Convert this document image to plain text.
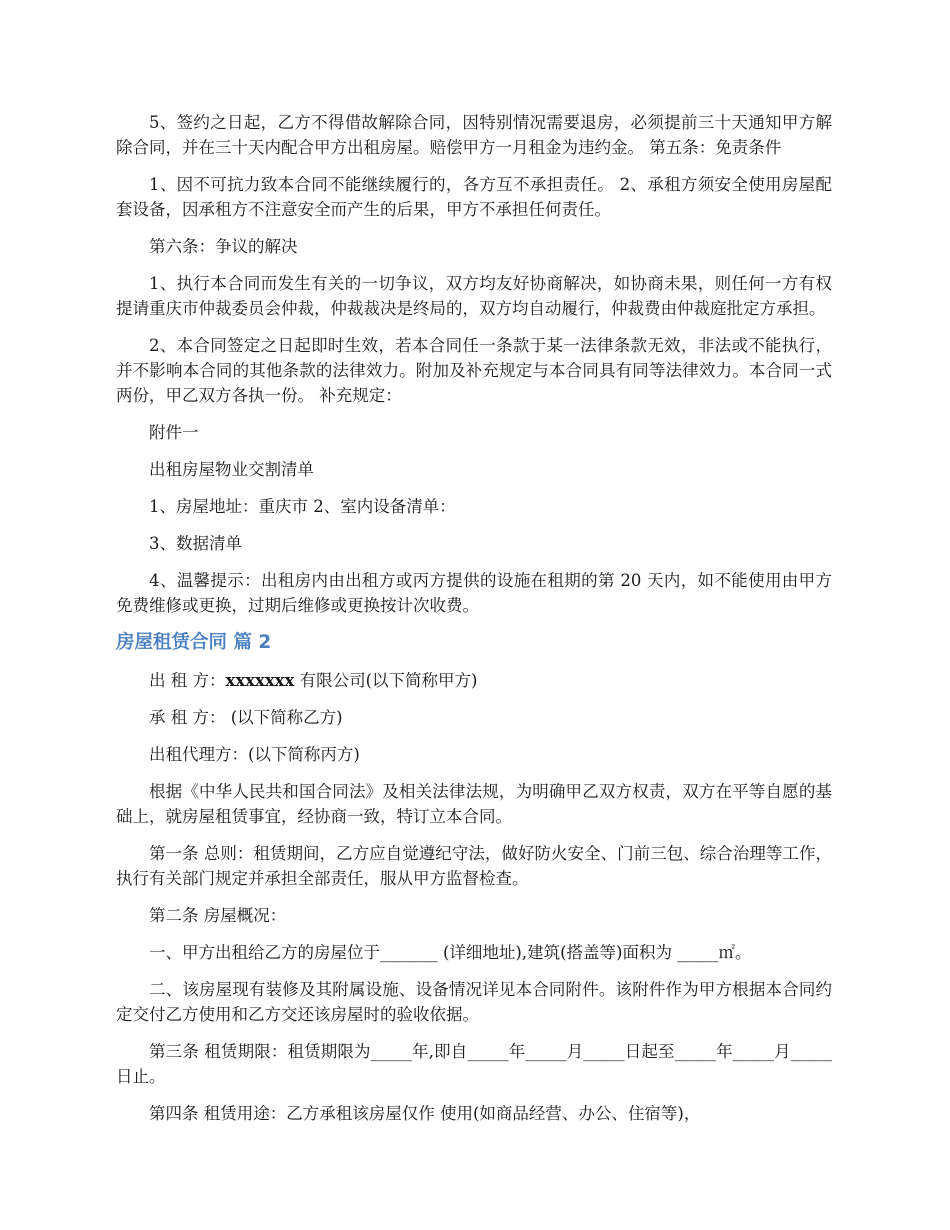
5、签约之日起，乙方不得借故解除合同，因特别情况需要退房，必须提前三十天通知甲方解除合同，并在三十天内配合甲方出租房屋。赔偿甲方一月租金为违约金。 第五条：免责条件

1、因不可抗力致本合同不能继续履行的，各方互不承担责任。 2、承租方须安全使用房屋配套设备，因承租方不注意安全而产生的后果，甲方不承担任何责任。

第六条：争议的解决

1、执行本合同而发生有关的一切争议，双方均友好协商解决，如协商未果，则任何一方有权提请重庆市仲裁委员会仲裁，仲裁裁决是终局的，双方均自动履行，仲裁费由仲裁庭批定方承担。

2、本合同签定之日起即时生效，若本合同任一条款于某一法律条款无效，非法或不能执行，并不影响本合同的其他条款的法律效力。附加及补充规定与本合同具有同等法律效力。本合同一式两份，甲乙双方各执一份。 补充规定：

附件一

出租房屋物业交割清单

1、房屋地址：重庆市 2、室内设备清单：

3、数据清单

4、温馨提示：出租房内由出租方或丙方提供的设施在租期的第 20 天内，如不能使用由甲方免费维修或更换，过期后维修或更换按计次收费。

房屋租赁合同 篇 2

出 租 方：xxxxxxx 有限公司(以下简称甲方)

承 租 方： (以下简称乙方)

出租代理方：(以下简称丙方)

根据《中华人民共和国合同法》及相关法律法规，为明确甲乙双方权责，双方在平等自愿的基础上，就房屋租赁事宜，经协商一致，特订立本合同。

第一条 总则：租赁期间，乙方应自觉遵纪守法，做好防火安全、门前三包、综合治理等工作，执行有关部门规定并承担全部责任，服从甲方监督检查。

第二条 房屋概况：

一、甲方出租给乙方的房屋位于_______ (详细地址),建筑(搭盖等)面积为 _____㎡。

二、该房屋现有装修及其附属设施、设备情况详见本合同附件。该附件作为甲方根据本合同约定交付乙方使用和乙方交还该房屋时的验收依据。

第三条 租赁期限：租赁期限为_____年,即自_____年_____月_____日起至_____年_____月_____日止。

第四条 租赁用途：乙方承租该房屋仅作 使用(如商品经营、办公、住宿等)，
